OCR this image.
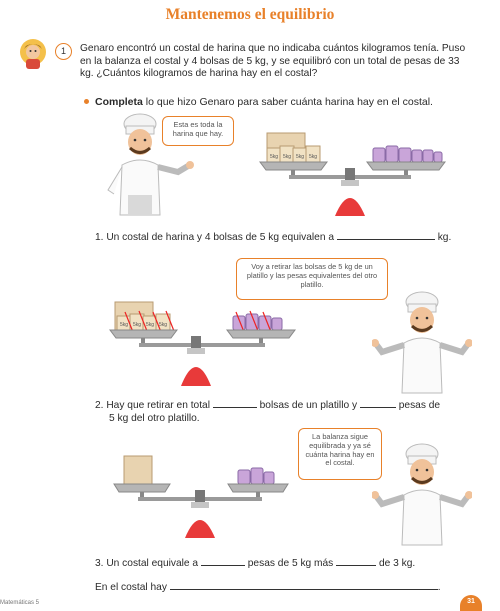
Mantenemos el equilibrio
1	Genaro encontró un costal de harina que no indicaba cuántos kilogramos tenía. Puso en la balanza el costal y 4 bolsas de 5 kg, y se equilibró con un total de pesas de 33 kg. ¿Cuántos kilogramos de harina hay en el costal?
Completa lo que hizo Genaro para saber cuánta harina hay en el costal.
Esta es toda la harina que hay.
5kg 5kg 5kg 5kg
1. Un costal de harina y 4 bolsas de 5 kg equivalen a	kg.
Voy a retirar las bolsas de 5 kg de un platillo y las pesas equivalentes del otro platillo.
5kg 5kg 5kg 5kg
2. Hay que retirar en total	bolsas de un platillo y	pesas de
5 kg del otro platillo.
La balanza sigue equilibrada y ya sé cuánta harina hay en el costal.
3. Un costal equivale a	pesas de 5 kg más	de 3 kg.
En el costal hay	.
Matemáticas 5	31
